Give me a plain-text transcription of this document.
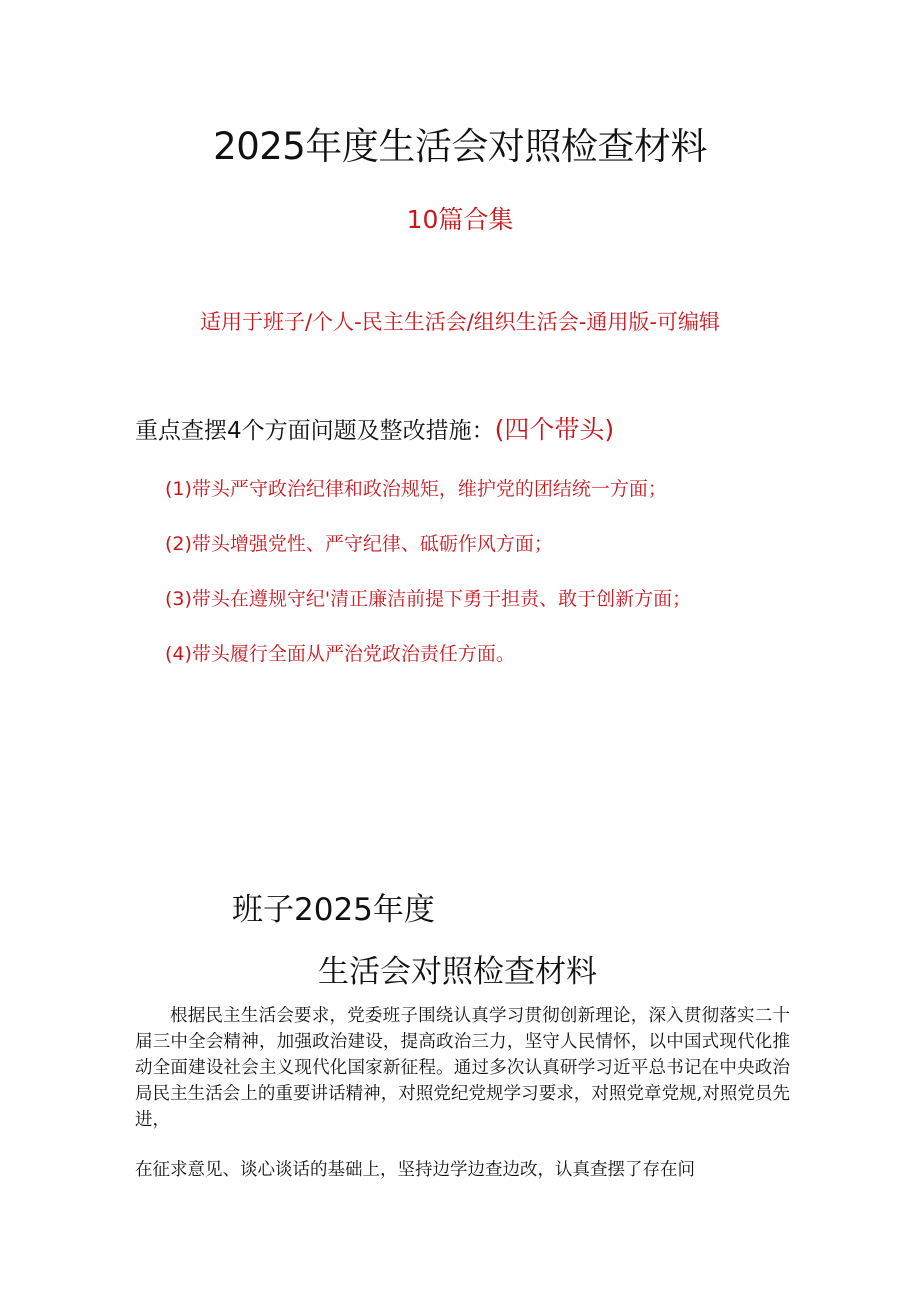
2025年度生活会对照检查材料
10篇合集
适用于班子/个人-民主生活会/组织生活会-通用版-可编辑
重点查摆4个方面问题及整改措施：(四个带头)
(1)带头严守政治纪律和政治规矩，维护党的团结统一方面；
(2)带头增强党性、严守纪律、砥砺作风方面；
(3)带头在遵规守纪'清正廉洁前提下勇于担责、敢于创新方面；
(4)带头履行全面从严治党政治责任方面。
班子2025年度
生活会对照检查材料
根据民主生活会要求，党委班子围绕认真学习贯彻创新理论，深入贯彻落实二十届三中全会精神，加强政治建设，提高政治三力，坚守人民情怀，以中国式现代化推动全面建设社会主义现代化国家新征程。通过多次认真研学习近平总书记在中央政治局民主生活会上的重要讲话精神，对照党纪党规学习要求，对照党章党规,对照党员先进，
在征求意见、谈心谈话的基础上，坚持边学边查边改，认真查摆了存在问
